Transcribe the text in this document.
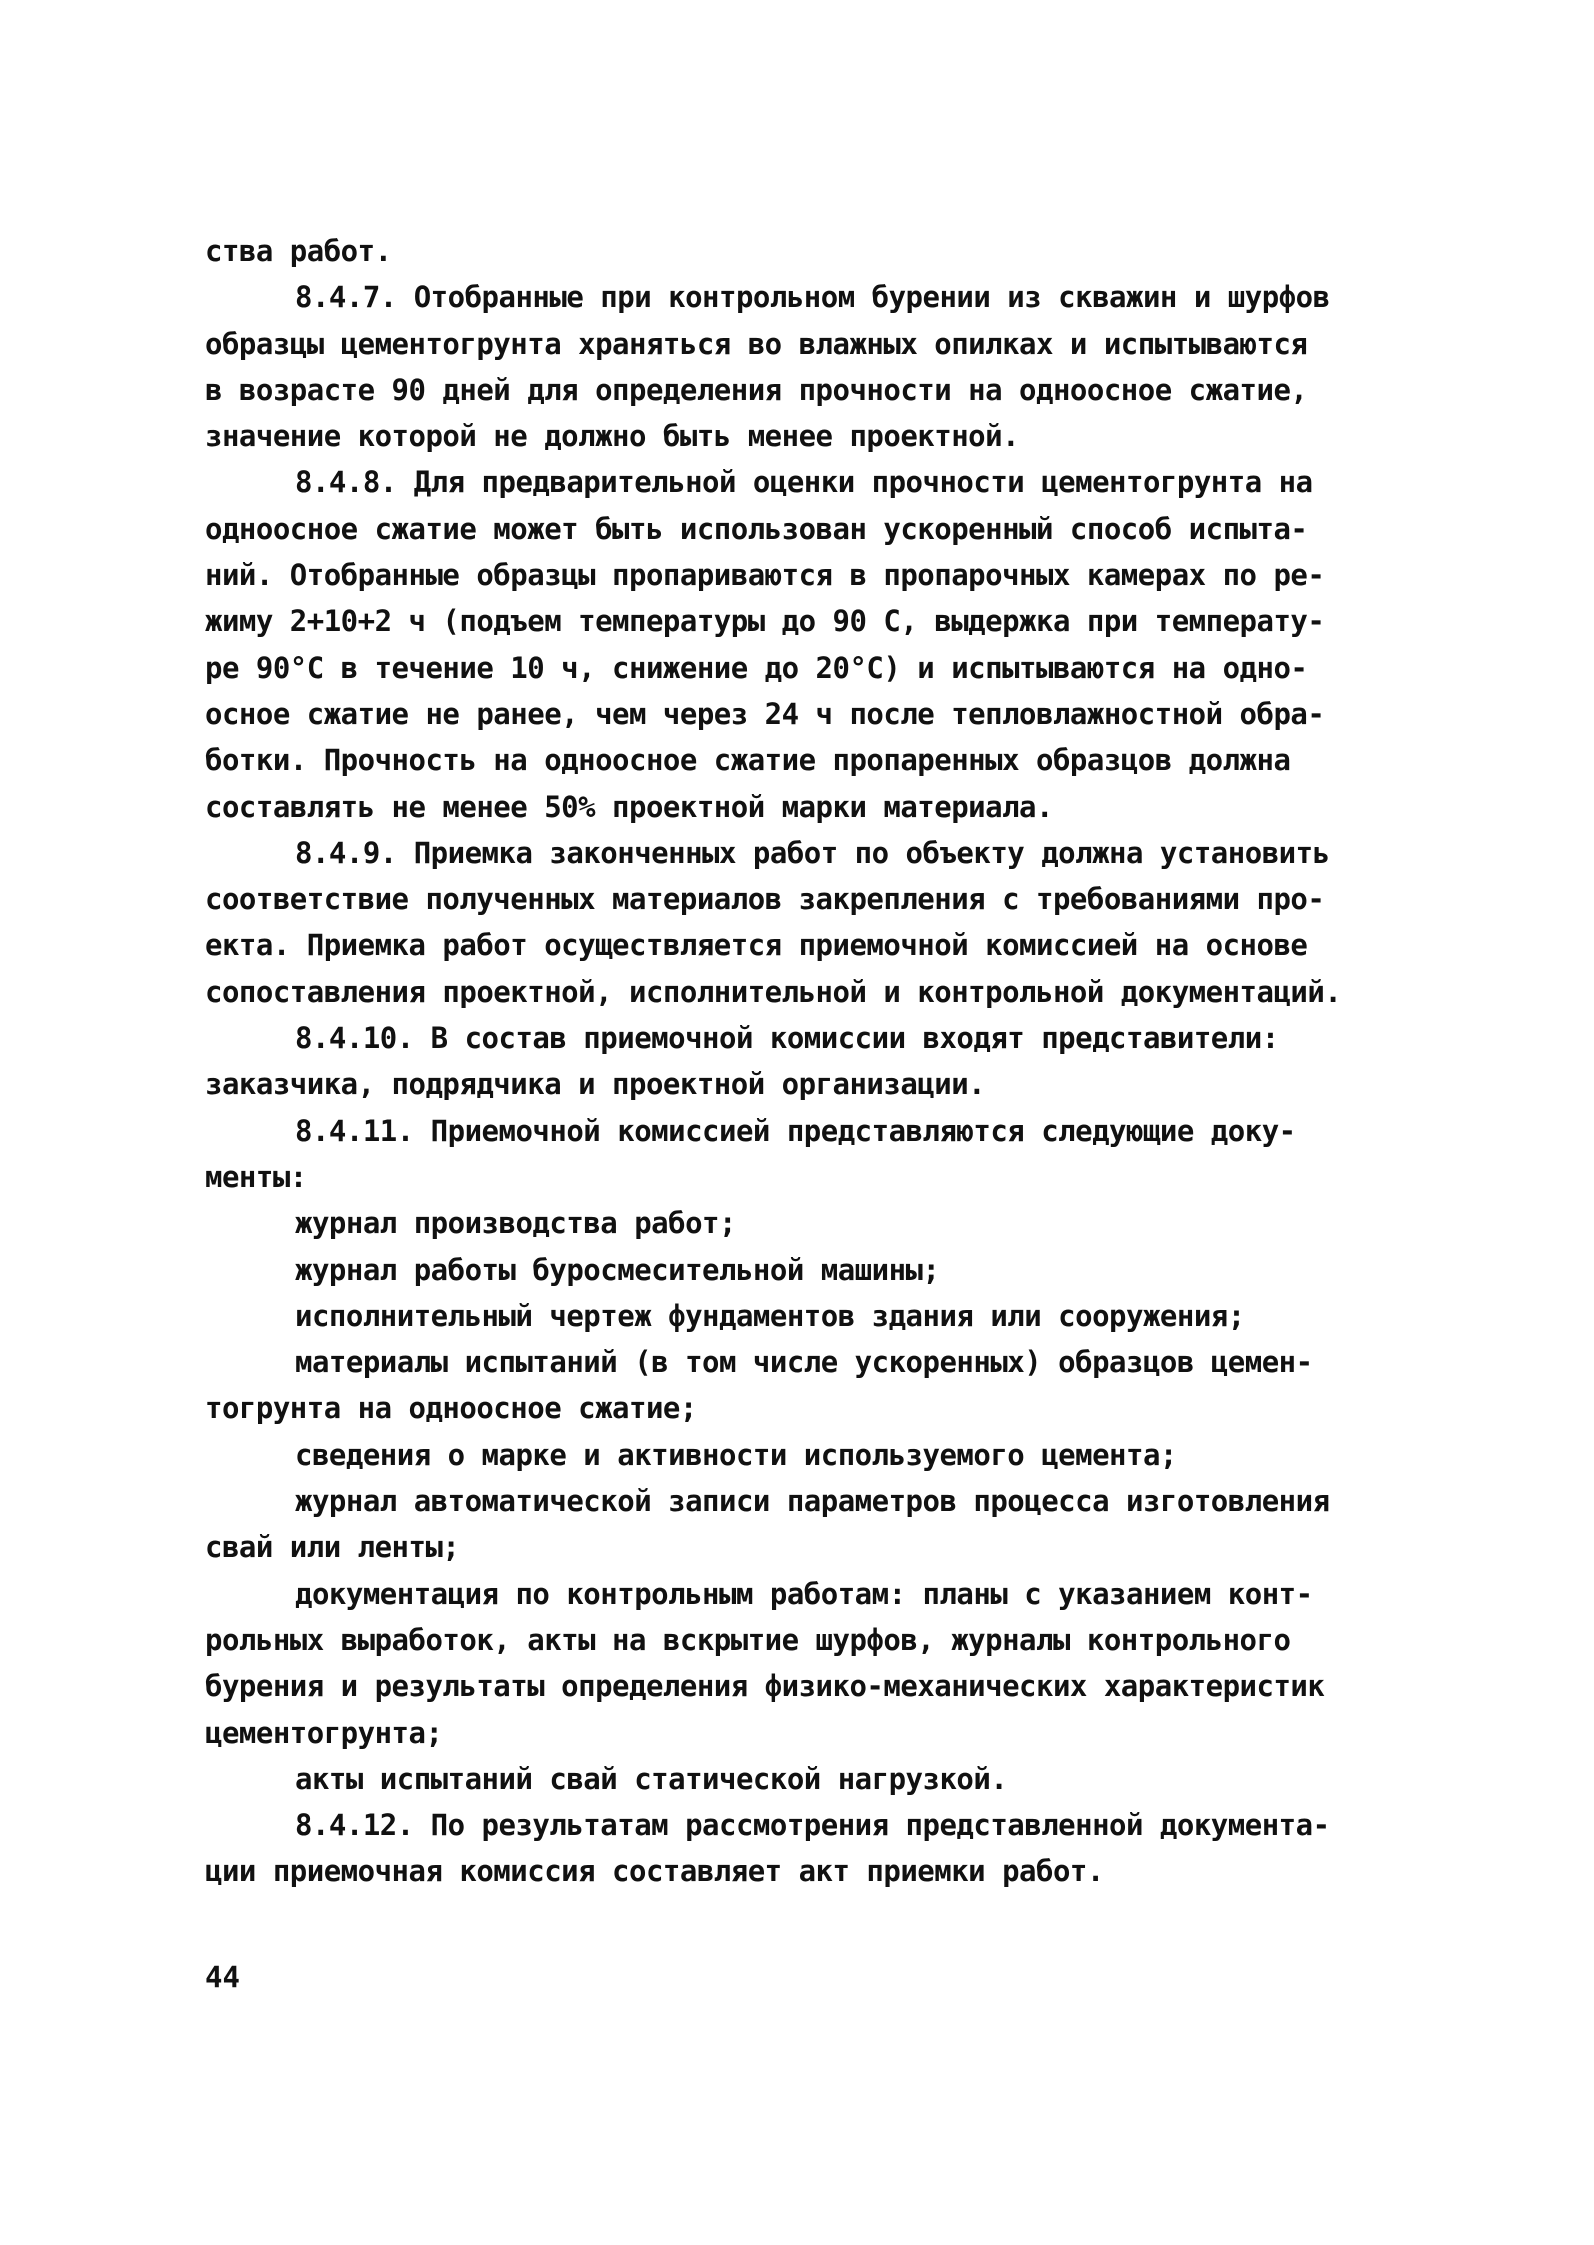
ства работ.
8.4.7. Отобранные при контрольном бурении из скважин и шурфов
образцы цементогрунта храняться во влажных опилках и испытываются
в возрасте 90 дней для определения прочности на одноосное сжатие,
значение которой не должно быть менее проектной.
8.4.8. Для предварительной оценки прочности цементогрунта на
одноосное сжатие может быть использован ускоренный способ испыта-
ний. Отобранные образцы пропариваются в пропарочных камерах по ре-
жиму 2+10+2 ч (подъем температуры до 90 С, выдержка при температу-
ре 90°С в течение 10 ч, снижение до 20°С) и испытываются на одно-
осное сжатие не ранее, чем через 24 ч после тепловлажностной обра-
ботки. Прочность на одноосное сжатие пропаренных образцов должна
составлять не менее 50% проектной марки материала.
8.4.9. Приемка законченных работ по объекту должна установить
соответствие полученных материалов закрепления с требованиями про-
екта. Приемка работ осуществляется приемочной комиссией на основе
сопоставления проектной, исполнительной и контрольной документаций.
8.4.10. В состав приемочной комиссии входят представители:
заказчика, подрядчика и проектной организации.
8.4.11. Приемочной комиссией представляются следующие доку-
менты:
журнал производства работ;
журнал работы буросмесительной машины;
исполнительный чертеж фундаментов здания или сооружения;
материалы испытаний (в том числе ускоренных) образцов цемен-
тогрунта на одноосное сжатие;
сведения о марке и активности используемого цемента;
журнал автоматической записи параметров процесса изготовления
свай или ленты;
документация по контрольным работам: планы с указанием конт-
рольных выработок, акты на вскрытие шурфов, журналы контрольного
бурения и результаты определения физико-механических характеристик
цементогрунта;
акты испытаний свай статической нагрузкой.
8.4.12. По результатам рассмотрения представленной документа-
ции приемочная комиссия составляет акт приемки работ.
44
